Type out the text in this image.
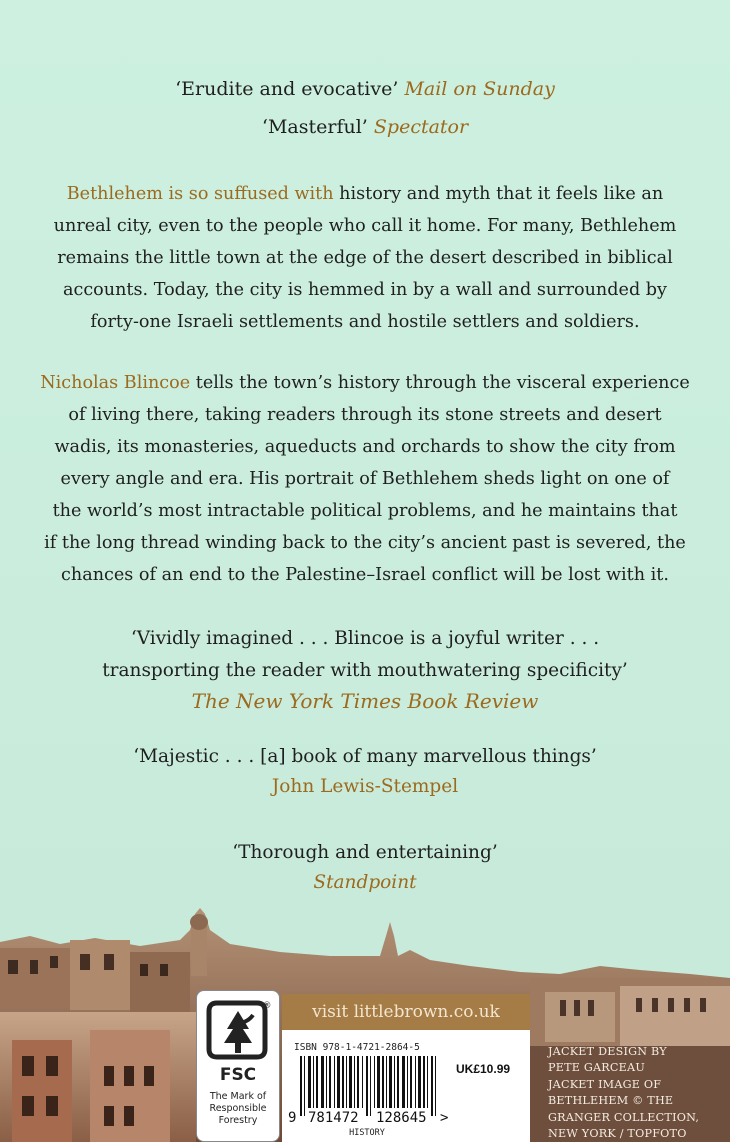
‘Erudite and evocative’ Mail on Sunday
‘Masterful’ Spectator
Bethlehem is so suffused with history and myth that it feels like an
unreal city, even to the people who call it home. For many, Bethlehem
remains the little town at the edge of the desert described in biblical
accounts. Today, the city is hemmed in by a wall and surrounded by
forty-one Israeli settlements and hostile settlers and soldiers.
Nicholas Blincoe tells the town’s history through the visceral experience
of living there, taking readers through its stone streets and desert
wadis, its monasteries, aqueducts and orchards to show the city from
every angle and era. His portrait of Bethlehem sheds light on one of
the world’s most intractable political problems, and he maintains that
if the long thread winding back to the city’s ancient past is severed, the
chances of an end to the Palestine–Israel conflict will be lost with it.
‘Vividly imagined . . . Blincoe is a joyful writer . . .
transporting the reader with mouthwatering specificity’
The New York Times Book Review
‘Majestic . . . [a] book of many marvellous things’
John Lewis-Stempel
‘Thorough and entertaining’
Standpoint
®
FSC
The Mark of
Responsible
Forestry
visit littlebrown.co.uk
ISBN 978-1-4721-2864-5
UK£10.99
9 781472 128645 >
HISTORY
JACKET DESIGN BY
PETE GARCEAU
JACKET IMAGE OF
BETHLEHEM © THE
GRANGER COLLECTION,
NEW YORK / TOPFOTO
